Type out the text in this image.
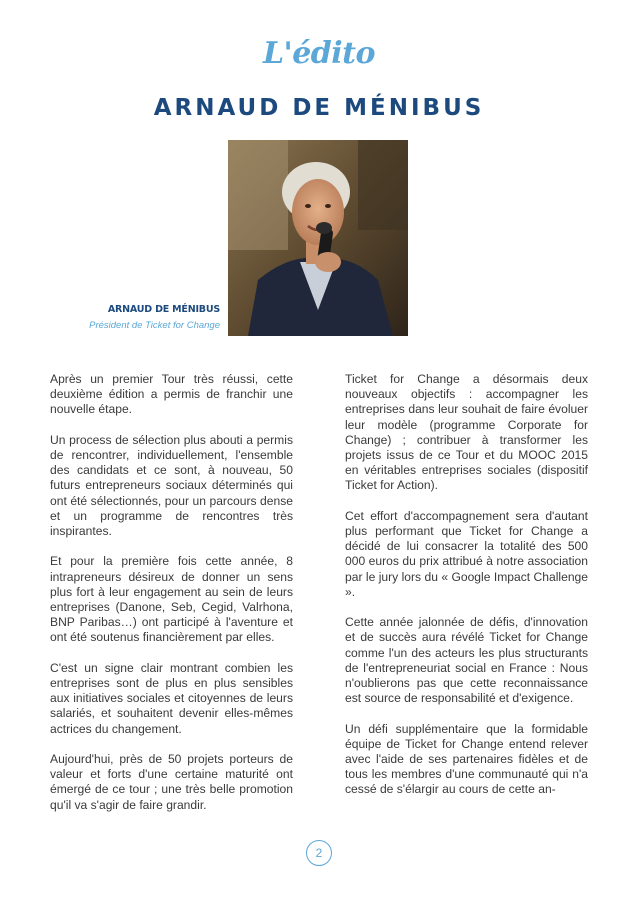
L'édito
ARNAUD DE MÉNIBUS
ARNAUD DE MÉNIBUS
Président de Ticket for Change

Après un premier Tour très réussi, cette deuxième édition a permis de franchir une nouvelle étape.

Un process de sélection plus abouti a permis de rencontrer, individuellement, l'ensemble des candidats et ce sont, à nouveau, 50 futurs entrepreneurs sociaux déterminés qui ont été sélectionnés, pour un parcours dense et un programme de rencontres très inspirantes.

Et pour la première fois cette année, 8 intrapreneurs désireux de donner un sens plus fort à leur engagement au sein de leurs entreprises (Danone, Seb, Cegid, Valrhona, BNP Paribas…) ont participé à l'aventure et ont été soutenus financièrement par elles.

C'est un signe clair montrant combien les entreprises sont de plus en plus sensibles aux initiatives sociales et citoyennes de leurs salariés, et souhaitent devenir elles-mêmes actrices du changement.

Aujourd'hui, près de 50 projets porteurs de valeur et forts d'une certaine maturité ont émergé de ce tour ; une très belle promotion qu'il va s'agir de faire grandir.

Ticket for Change a désormais deux nouveaux objectifs : accompagner les entreprises dans leur souhait de faire évoluer leur modèle (programme Corporate for Change) ; contribuer à transformer les projets issus de ce Tour et du MOOC 2015 en véritables entreprises sociales (dispositif Ticket for Action).

Cet effort d'accompagnement sera d'autant plus performant que Ticket for Change a décidé de lui consacrer la totalité des 500 000 euros du prix attribué à notre association par le jury lors du « Google Impact Challenge ».

Cette année jalonnée de défis, d'innovation et de succès aura révélé Ticket for Change comme l'un des acteurs les plus structurants de l'entrepreneuriat social en France : Nous n'oublierons pas que cette reconnaissance est source de responsabilité et d'exigence.

Un défi supplémentaire que la formidable équipe de Ticket for Change entend relever avec l'aide de ses partenaires fidèles et de tous les membres d'une communauté qui n'a cessé de s'élargir au cours de cette an-

2
